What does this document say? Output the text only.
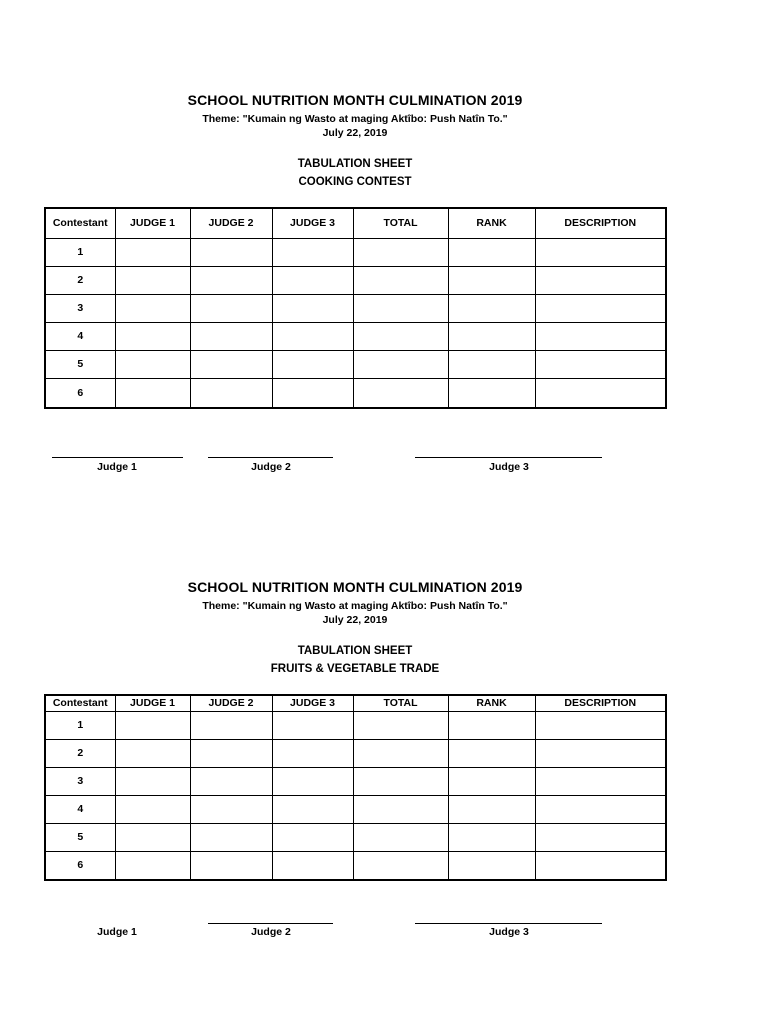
SCHOOL NUTRITION MONTH CULMINATION 2019
Theme: "Kumain ng Wasto at maging Aktîbo: Push Natîn To."
July 22, 2019
TABULATION SHEET
COOKING CONTEST
Contestant	JUDGE 1	JUDGE 2	JUDGE 3	TOTAL	RANK	DESCRIPTION
1						
2						
3						
4						
5						
6						
Judge 1	Judge 2	Judge 3
SCHOOL NUTRITION MONTH CULMINATION 2019
Theme: "Kumain ng Wasto at maging Aktîbo: Push Natîn To."
July 22, 2019
TABULATION SHEET
FRUITS & VEGETABLE TRADE
Contestant	JUDGE 1	JUDGE 2	JUDGE 3	TOTAL	RANK	DESCRIPTION
1						
2						
3						
4						
5						
6						
Judge 1	Judge 2	Judge 3
